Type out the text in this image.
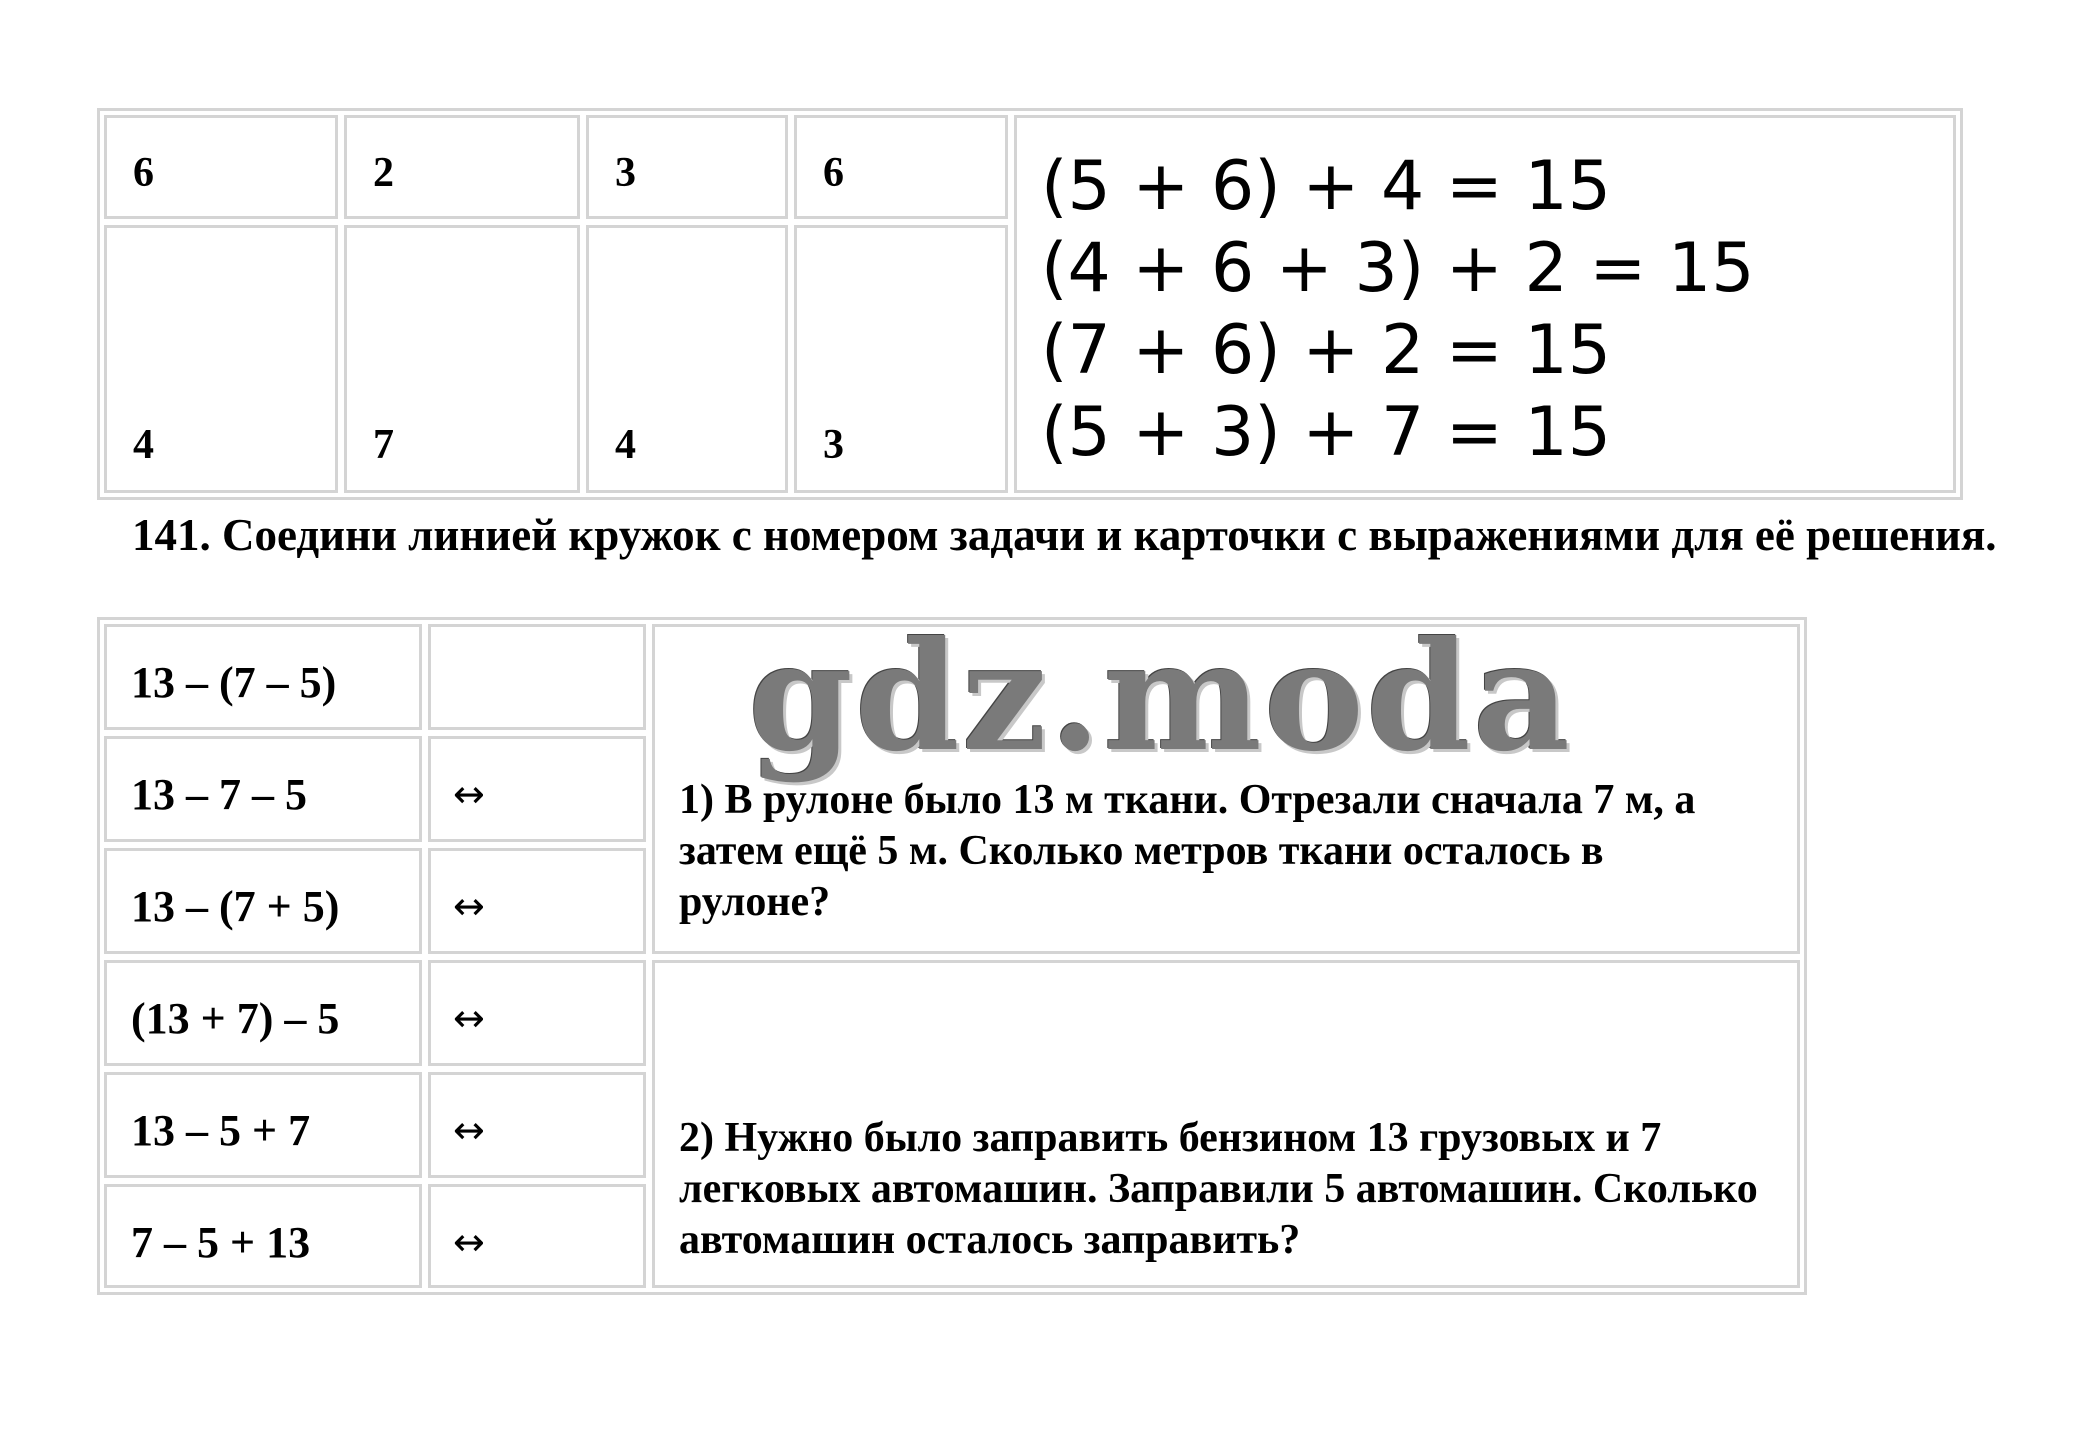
6	2	3	6
4	7	4	3
(5 + 6) + 4 = 15
(4 + 6 + 3) + 2 = 15
(7 + 6) + 2 = 15
(5 + 3) + 7 = 15
141. Соедини линией кружок с номером задачи и карточки с выражениями для её решения.
13 – (7 – 5)
13 – 7 – 5	↔
13 – (7 + 5)	↔
(13 + 7) – 5	↔
13 – 5 + 7	↔
7 – 5 + 13	↔
1) В рулоне было 13 м ткани. Отрезали сначала 7 м, а затем ещё 5 м. Сколько метров ткани осталось в рулоне?
2) Нужно было заправить бензином 13 грузовых и 7 легковых автомашин. Заправили 5 автомашин. Сколько автомашин осталось заправить?
gdz.moda
